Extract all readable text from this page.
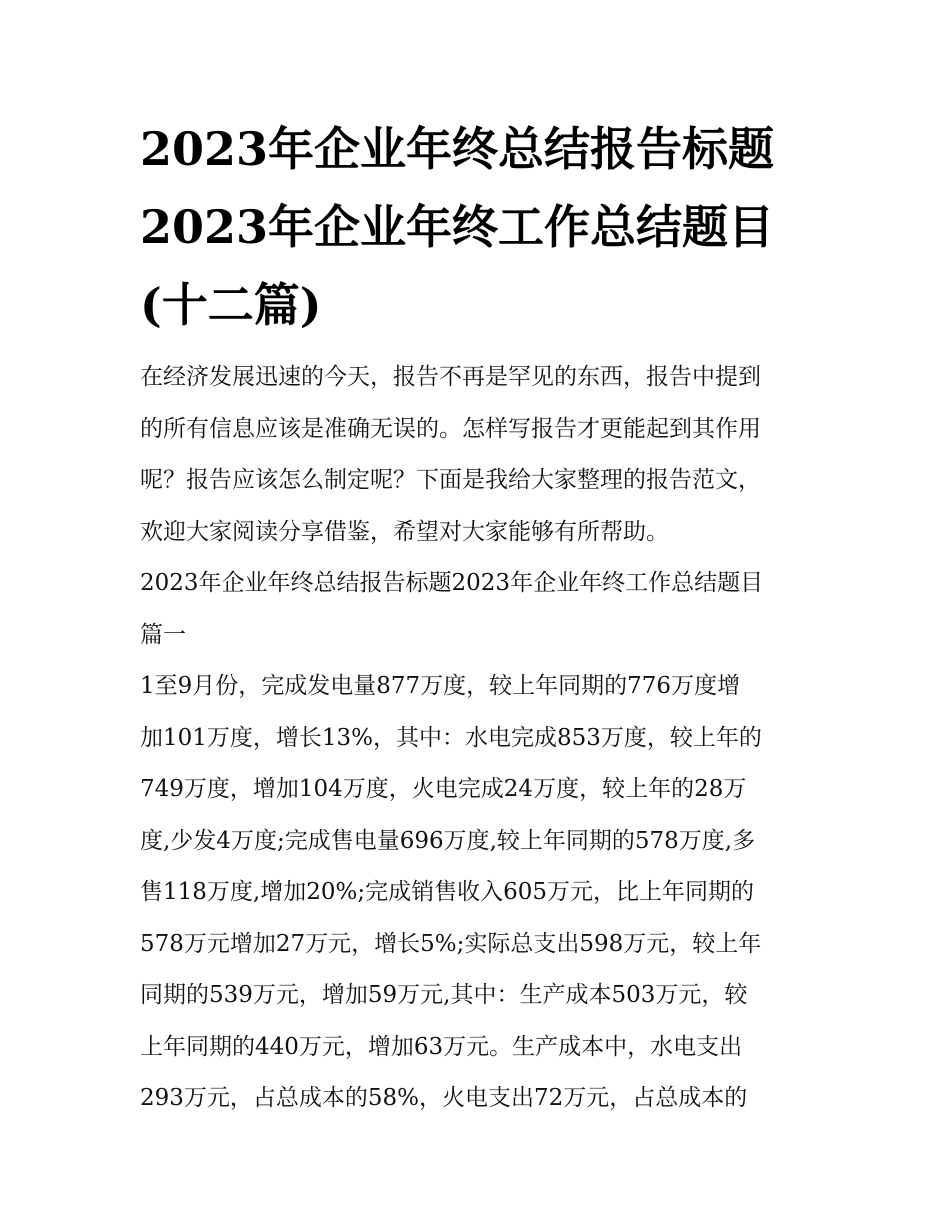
2023年企业年终总结报告标题
2023年企业年终工作总结题目
(十二篇)

在经济发展迅速的今天，报告不再是罕见的东西，报告中提到
的所有信息应该是准确无误的。怎样写报告才更能起到其作用
呢？报告应该怎么制定呢？下面是我给大家整理的报告范文，
欢迎大家阅读分享借鉴，希望对大家能够有所帮助。

2023年企业年终总结报告标题2023年企业年终工作总结题目
篇一

1至9月份，完成发电量877万度，较上年同期的776万度增
加101万度，增长13%，其中：水电完成853万度，较上年的
749万度，增加104万度，火电完成24万度，较上年的28万
度,少发4万度;完成售电量696万度,较上年同期的578万度,多
售118万度,增加20%;完成销售收入605万元，比上年同期的
578万元增加27万元，增长5%;实际总支出598万元，较上年
同期的539万元，增加59万元,其中：生产成本503万元，较
上年同期的440万元，增加63万元。生产成本中，水电支出
293万元，占总成本的58%，火电支出72万元，占总成本的
